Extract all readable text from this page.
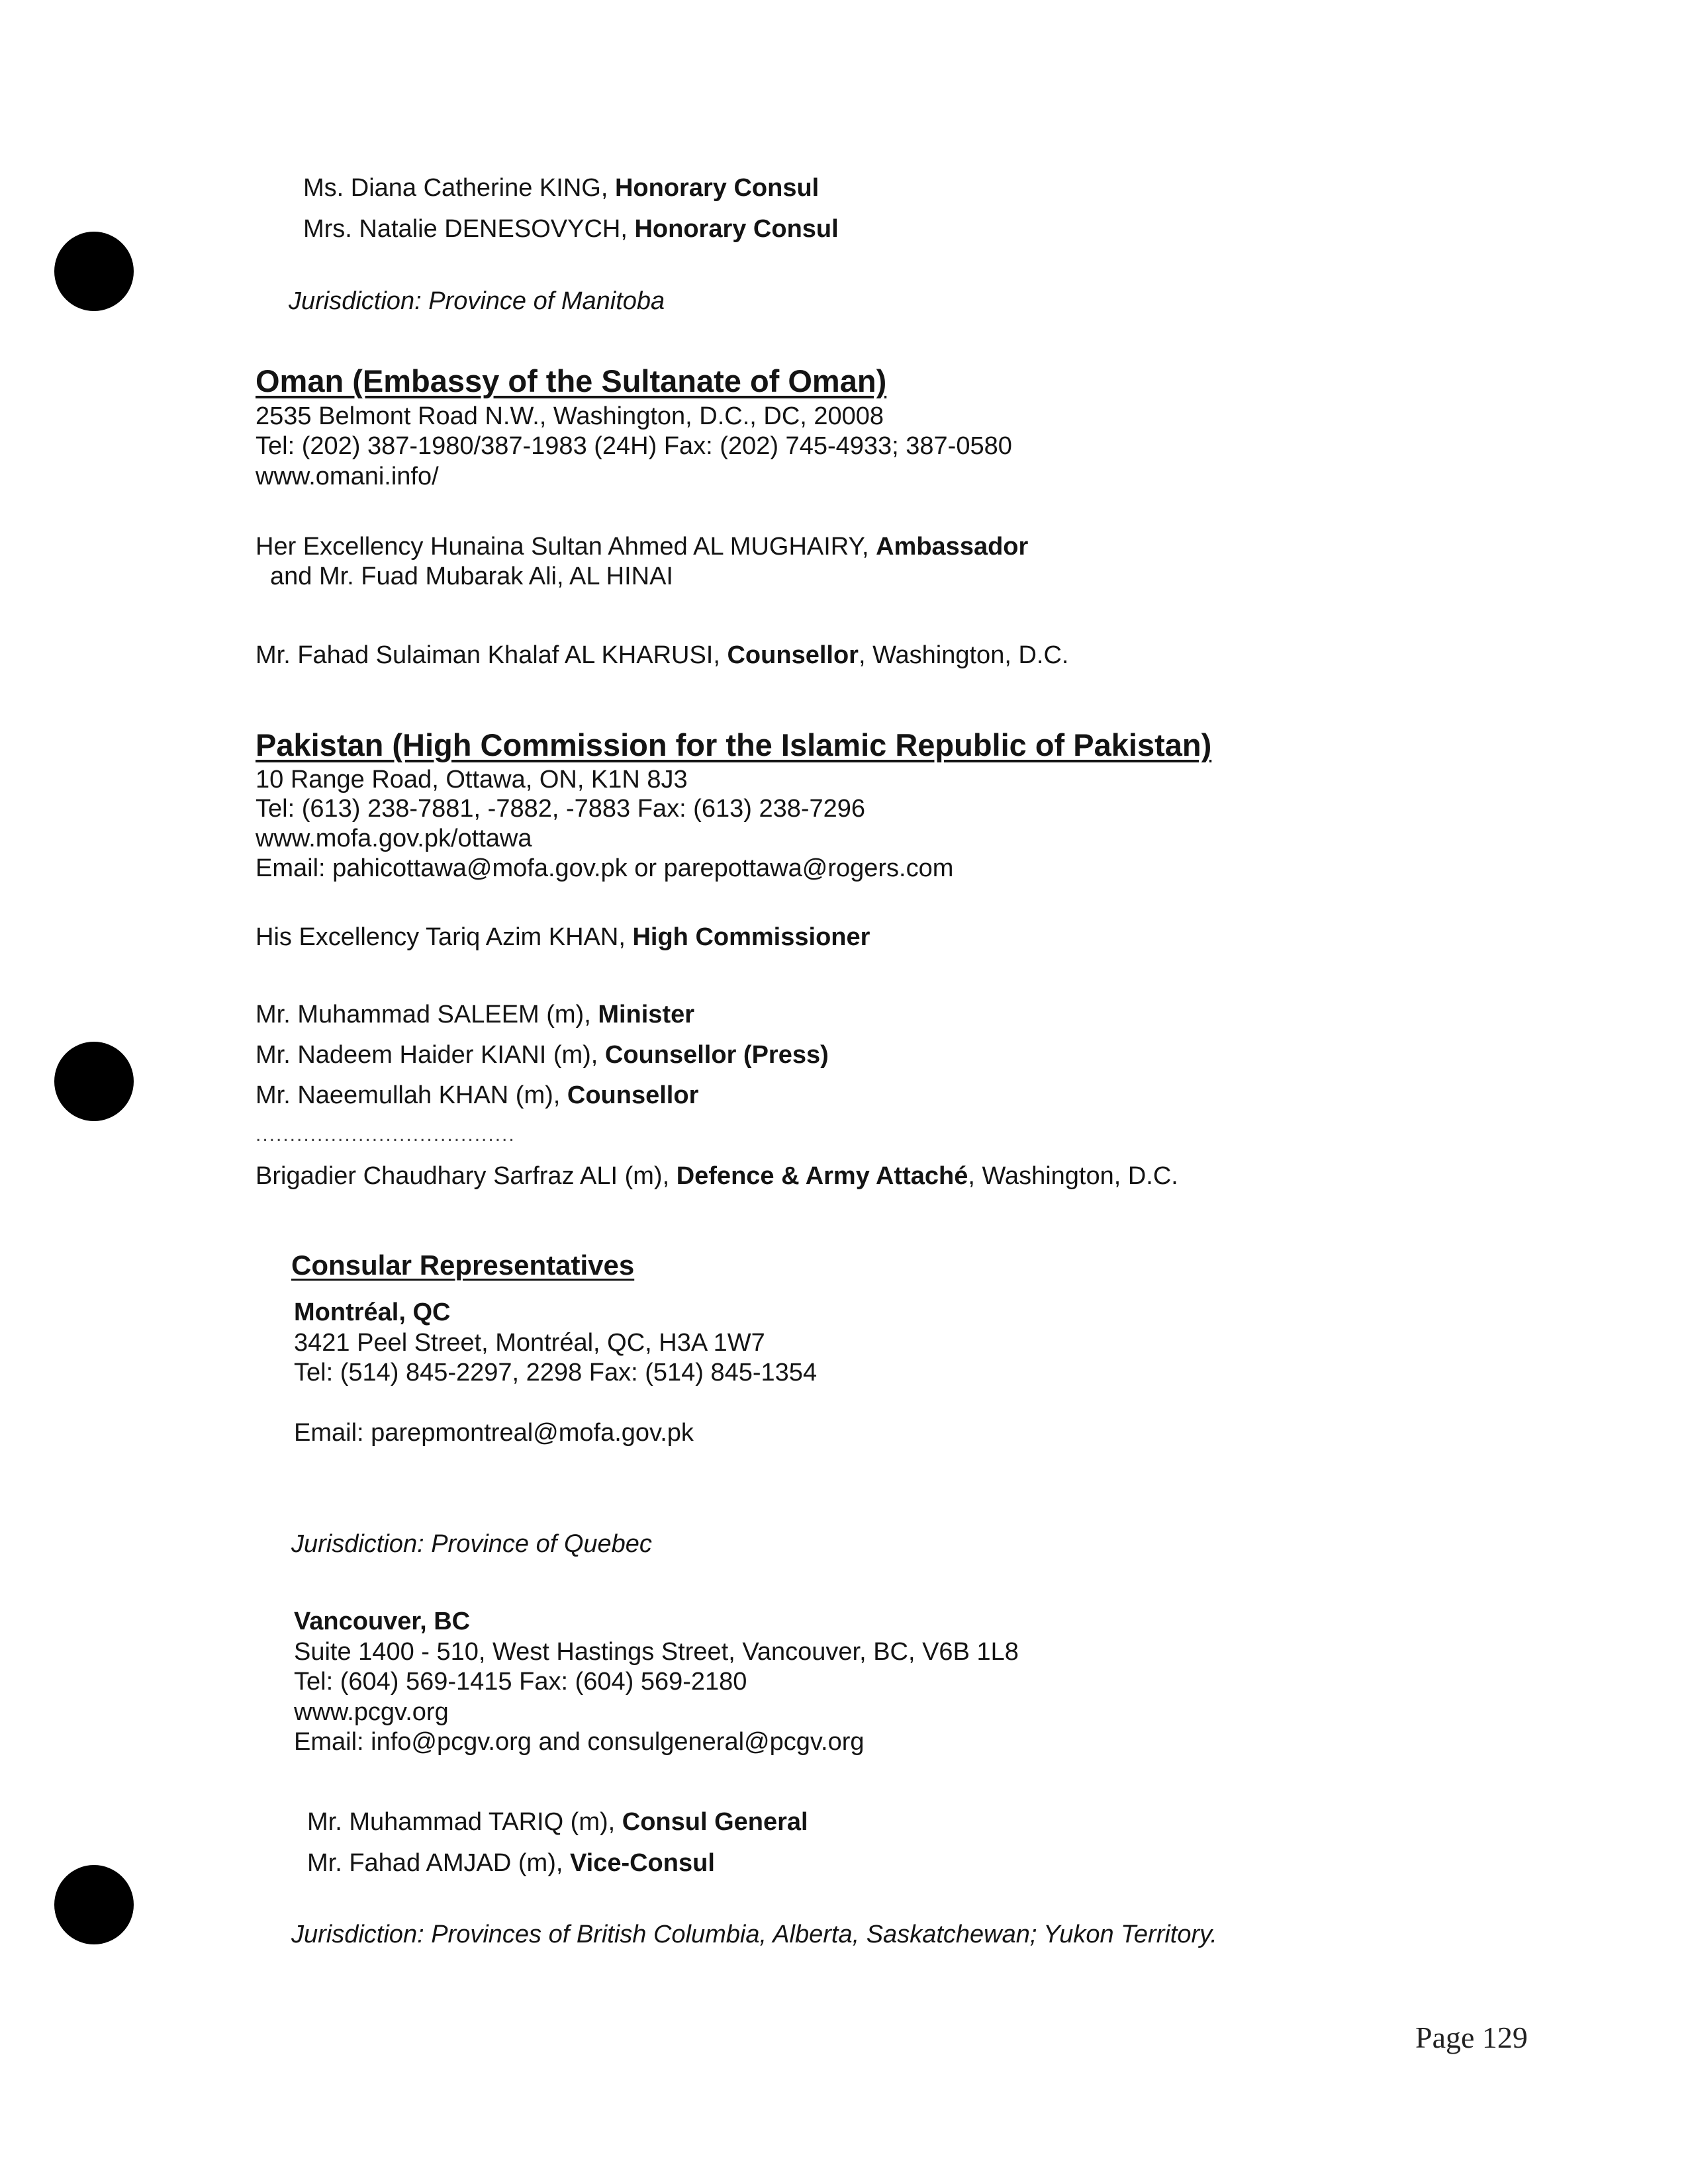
Ms. Diana Catherine KING, Honorary Consul
Mrs. Natalie DENESOVYCH, Honorary Consul
Jurisdiction: Province of Manitoba
Oman (Embassy of the Sultanate of Oman)
2535 Belmont Road N.W., Washington, D.C., DC, 20008
Tel: (202) 387-1980/387-1983 (24H) Fax: (202) 745-4933; 387-0580
www.omani.info/
Her Excellency Hunaina Sultan Ahmed AL MUGHAIRY, Ambassador
and Mr. Fuad Mubarak Ali, AL HINAI
Mr. Fahad Sulaiman Khalaf AL KHARUSI, Counsellor, Washington, D.C.
Pakistan (High Commission for the Islamic Republic of Pakistan)
10 Range Road, Ottawa, ON, K1N 8J3
Tel: (613) 238-7881, -7882, -7883 Fax: (613) 238-7296
www.mofa.gov.pk/ottawa
Email: pahicottawa@mofa.gov.pk or parepottawa@rogers.com
His Excellency Tariq Azim KHAN, High Commissioner
Mr. Muhammad SALEEM (m), Minister
Mr. Nadeem Haider KIANI (m), Counsellor (Press)
Mr. Naeemullah KHAN (m), Counsellor
......................................
Brigadier Chaudhary Sarfraz ALI (m), Defence & Army Attaché, Washington, D.C.
Consular Representatives
Montréal, QC
3421 Peel Street, Montréal, QC, H3A 1W7
Tel: (514) 845-2297, 2298 Fax: (514) 845-1354
Email: parepmontreal@mofa.gov.pk
Jurisdiction: Province of Quebec
Vancouver, BC
Suite 1400 - 510, West Hastings Street, Vancouver, BC, V6B 1L8
Tel: (604) 569-1415 Fax: (604) 569-2180
www.pcgv.org
Email: info@pcgv.org and consulgeneral@pcgv.org
Mr. Muhammad TARIQ (m), Consul General
Mr. Fahad AMJAD (m), Vice-Consul
Jurisdiction: Provinces of British Columbia, Alberta, Saskatchewan; Yukon Territory.
Page 129
